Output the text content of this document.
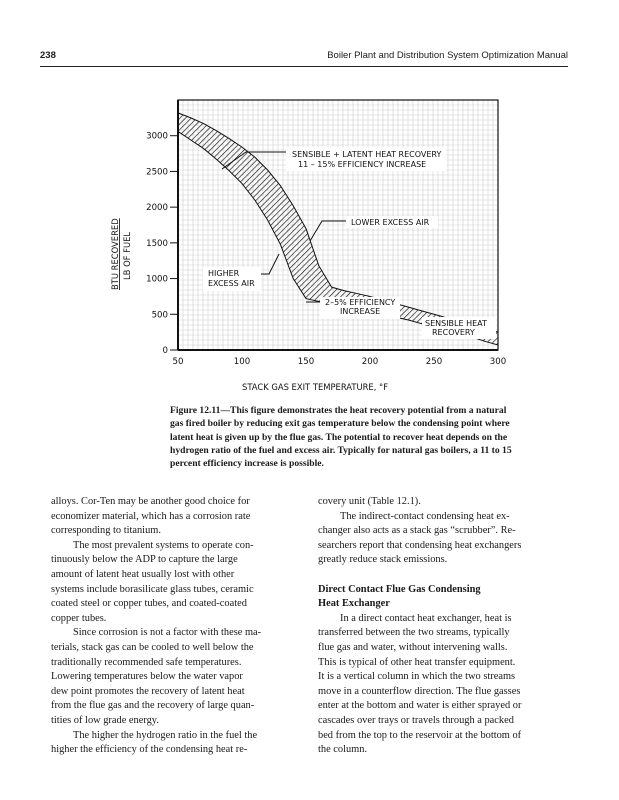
238	Boiler Plant and Distribution System Optimization Manual
0
500
1000
1500
2000
2500
3000
50	100	150	200	250	300
SENSIBLE + LATENT HEAT RECOVERY
11 – 15% EFFICIENCY INCREASE
LOWER EXCESS AIR
HIGHER
EXCESS AIR
2–5% EFFICIENCY
INCREASE
SENSIBLE HEAT
RECOVERY
BTU RECOVERED LB OF FUEL
STACK GAS EXIT TEMPERATURE, °F
Figure 12.11—This figure demonstrates the heat recovery potential from a natural
gas fired boiler by reducing exit gas temperature below the condensing point where
latent heat is given up by the flue gas. The potential to recover heat depends on the
hydrogen ratio of the fuel and excess air. Typically for natural gas boilers, a 11 to 15
percent efficiency increase is possible.
alloys. Cor-Ten may be another good choice for
economizer material, which has a corrosion rate
corresponding to titanium.
The most prevalent systems to operate con-
tinuously below the ADP to capture the large
amount of latent heat usually lost with other
systems include borasilicate glass tubes, ceramic
coated steel or copper tubes, and coated-coated
copper tubes.
Since corrosion is not a factor with these ma-
terials, stack gas can be cooled to well below the
traditionally recommended safe temperatures.
Lowering temperatures below the water vapor
dew point promotes the recovery of latent heat
from the flue gas and the recovery of large quan-
tities of low grade energy.
The higher the hydrogen ratio in the fuel the
higher the efficiency of the condensing heat re-
covery unit (Table 12.1).
The indirect-contact condensing heat ex-
changer also acts as a stack gas “scrubber”. Re-
searchers report that condensing heat exchangers
greatly reduce stack emissions.

Direct Contact Flue Gas Condensing
Heat Exchanger
In a direct contact heat exchanger, heat is
transferred between the two streams, typically
flue gas and water, without intervening walls.
This is typical of other heat transfer equipment.
It is a vertical column in which the two streams
move in a counterflow direction. The flue gasses
enter at the bottom and water is either sprayed or
cascades over trays or travels through a packed
bed from the top to the reservoir at the bottom of
the column.
